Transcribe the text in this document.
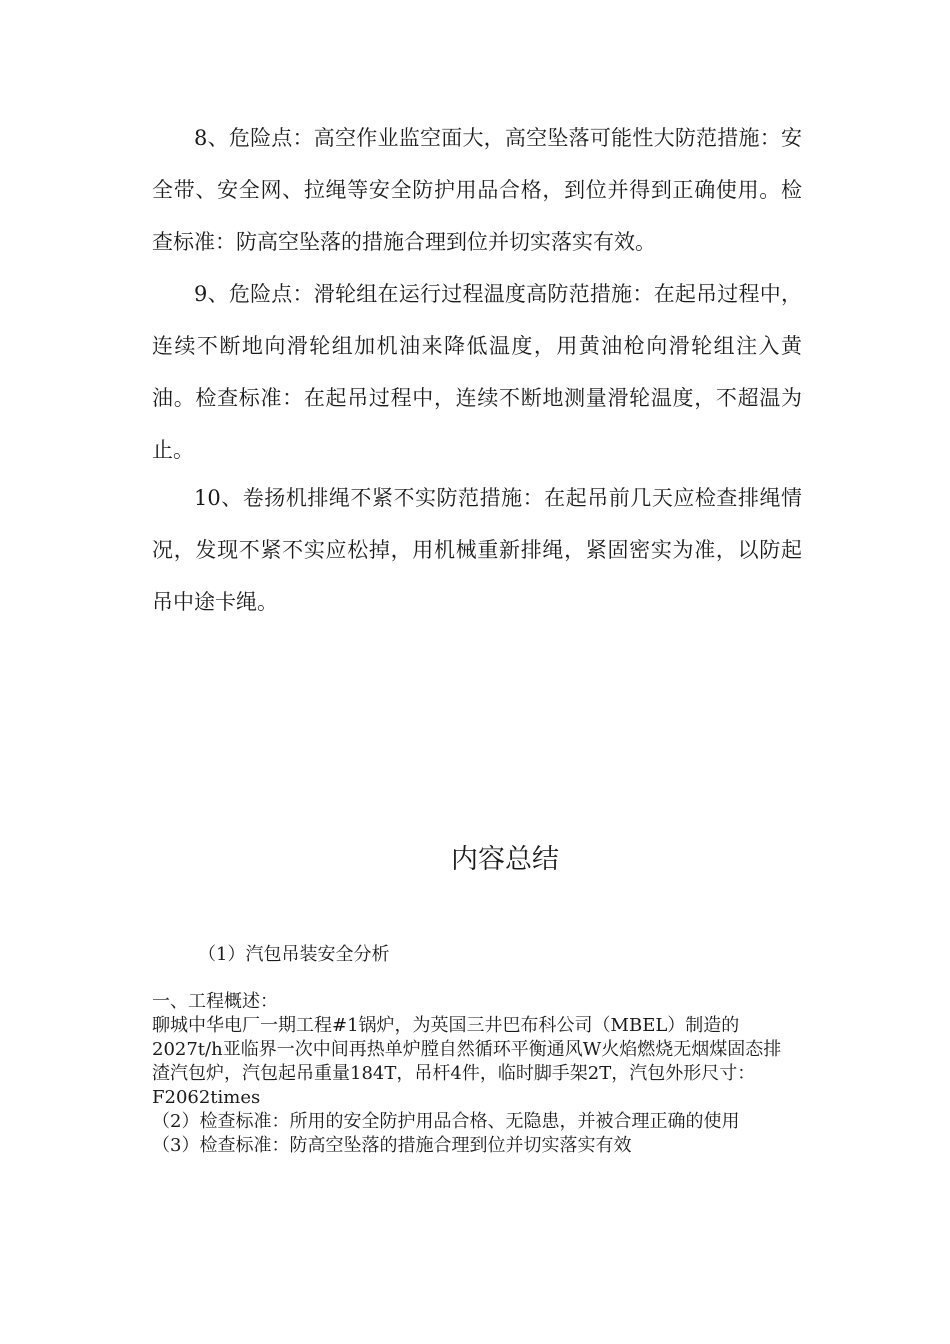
8、危险点：高空作业监空面大，高空坠落可能性大防范措施：安全带、安全网、拉绳等安全防护用品合格，到位并得到正确使用。检查标准：防高空坠落的措施合理到位并切实落实有效。

9、危险点：滑轮组在运行过程温度高防范措施：在起吊过程中，连续不断地向滑轮组加机油来降低温度，用黄油枪向滑轮组注入黄油。检查标准：在起吊过程中，连续不断地测量滑轮温度，不超温为止。

10、卷扬机排绳不紧不实防范措施：在起吊前几天应检查排绳情况，发现不紧不实应松掉，用机械重新排绳，紧固密实为准，以防起吊中途卡绳。

内容总结

（1）汽包吊装安全分析

一、工程概述：

聊城中华电厂一期工程#1锅炉，为英国三井巴布科公司（MBEL）制造的2027t/h亚临界一次中间再热单炉膛自然循环平衡通风W火焰燃烧无烟煤固态排渣汽包炉，汽包起吊重量184T，吊杆4件，临时脚手架2T，汽包外形尺寸：F2062times

（2）检查标准：所用的安全防护用品合格、无隐患，并被合理正确的使用

（3）检查标准：防高空坠落的措施合理到位并切实落实有效
